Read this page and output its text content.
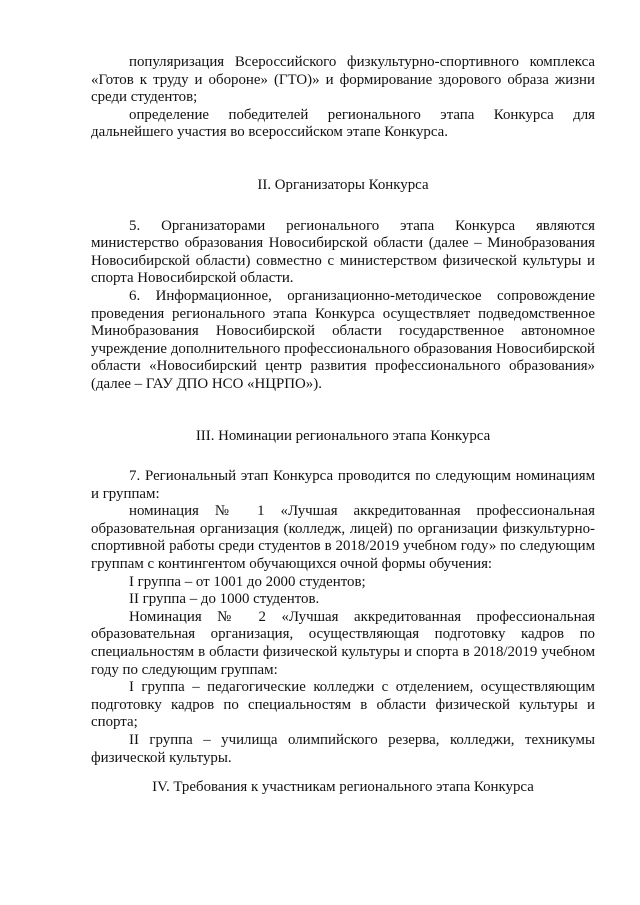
популяризация Всероссийского физкультурно-спортивного комплекса «Готов к труду и обороне» (ГТО)» и формирование здорового образа жизни среди студентов;

определение победителей регионального этапа Конкурса для дальнейшего участия во всероссийском этапе Конкурса.

II. Организаторы Конкурса

5. Организаторами регионального этапа Конкурса являются министерство образования Новосибирской области (далее – Минобразования Новосибирской области) совместно с министерством физической культуры и спорта Новосибирской области.

6. Информационное, организационно-методическое сопровождение проведения регионального этапа Конкурса осуществляет подведомственное Минобразования Новосибирской области государственное автономное учреждение дополнительного профессионального образования Новосибирской области «Новосибирский центр развития профессионального образования» (далее – ГАУ ДПО НСО «НЦРПО»).

III. Номинации регионального этапа Конкурса

7. Региональный этап Конкурса проводится по следующим номинациям и группам:

номинация № 1 «Лучшая аккредитованная профессиональная образовательная организация (колледж, лицей) по организации физкультурно-спортивной работы среди студентов в 2018/2019 учебном году» по следующим группам с контингентом обучающихся очной формы обучения:

I группа – от 1001 до 2000 студентов;

II группа – до 1000 студентов.

Номинация № 2 «Лучшая аккредитованная профессиональная образовательная организация, осуществляющая подготовку кадров по специальностям в области физической культуры и спорта в 2018/2019 учебном году по следующим группам:

I группа – педагогические колледжи с отделением, осуществляющим подготовку кадров по специальностям в области физической культуры и спорта;

II группа – училища олимпийского резерва, колледжи, техникумы физической культуры.

IV. Требования к участникам регионального этапа Конкурса
